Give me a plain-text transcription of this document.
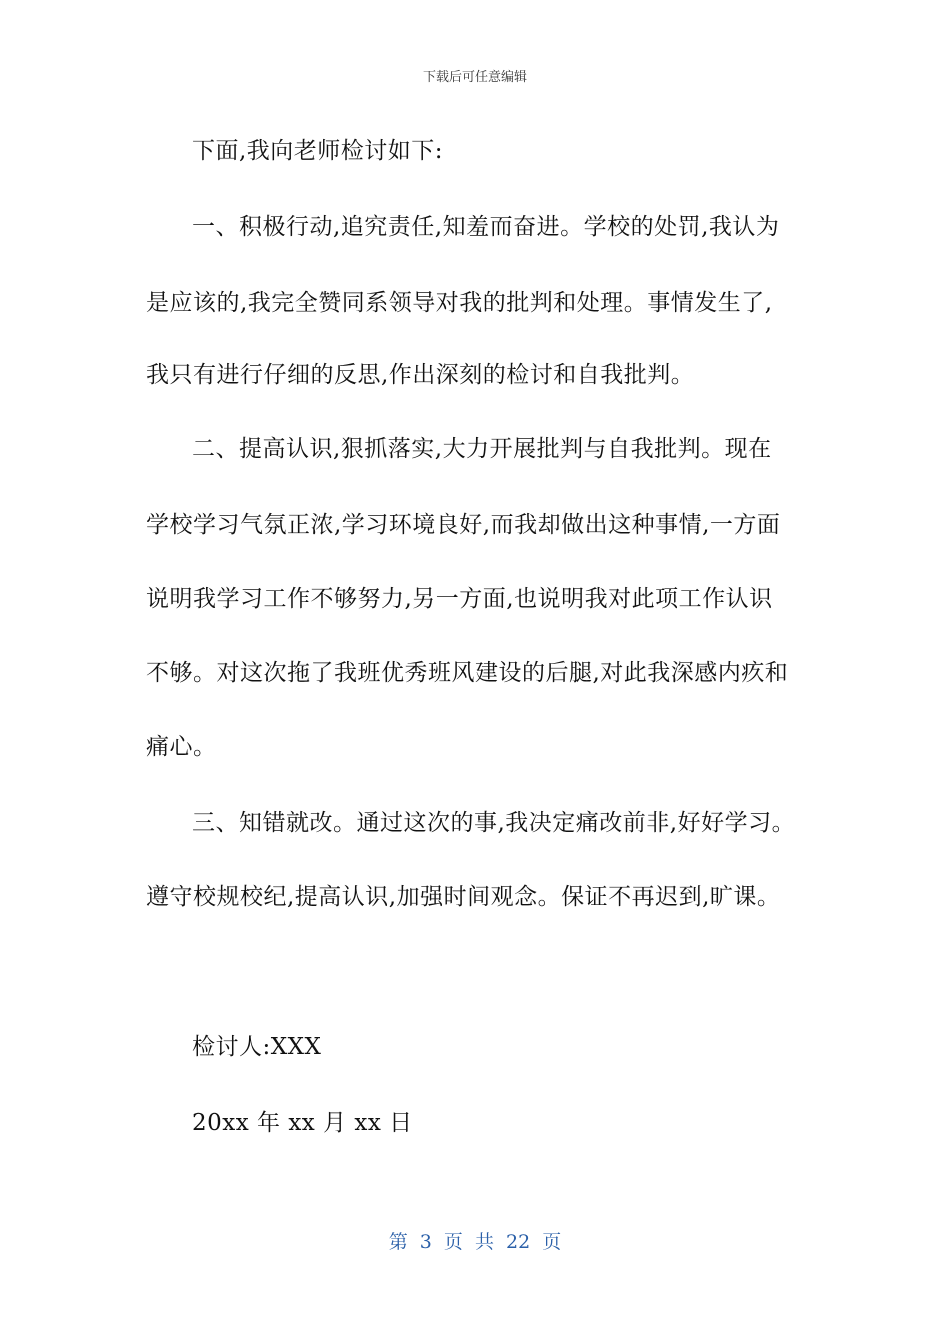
下载后可任意编辑
下面,我向老师检讨如下:
一、积极行动,追究责任,知羞而奋进。学校的处罚,我认为
是应该的,我完全赞同系领导对我的批判和处理。事情发生了,
我只有进行仔细的反思,作出深刻的检讨和自我批判。
二、提高认识,狠抓落实,大力开展批判与自我批判。现在
学校学习气氛正浓,学习环境良好,而我却做出这种事情,一方面
说明我学习工作不够努力,另一方面,也说明我对此项工作认识
不够。对这次拖了我班优秀班风建设的后腿,对此我深感内疚和
痛心。
三、知错就改。通过这次的事,我决定痛改前非,好好学习。
遵守校规校纪,提高认识,加强时间观念。保证不再迟到,旷课。
检讨人:XXX
20xx 年 xx 月 xx 日
第 3 页 共 22 页
